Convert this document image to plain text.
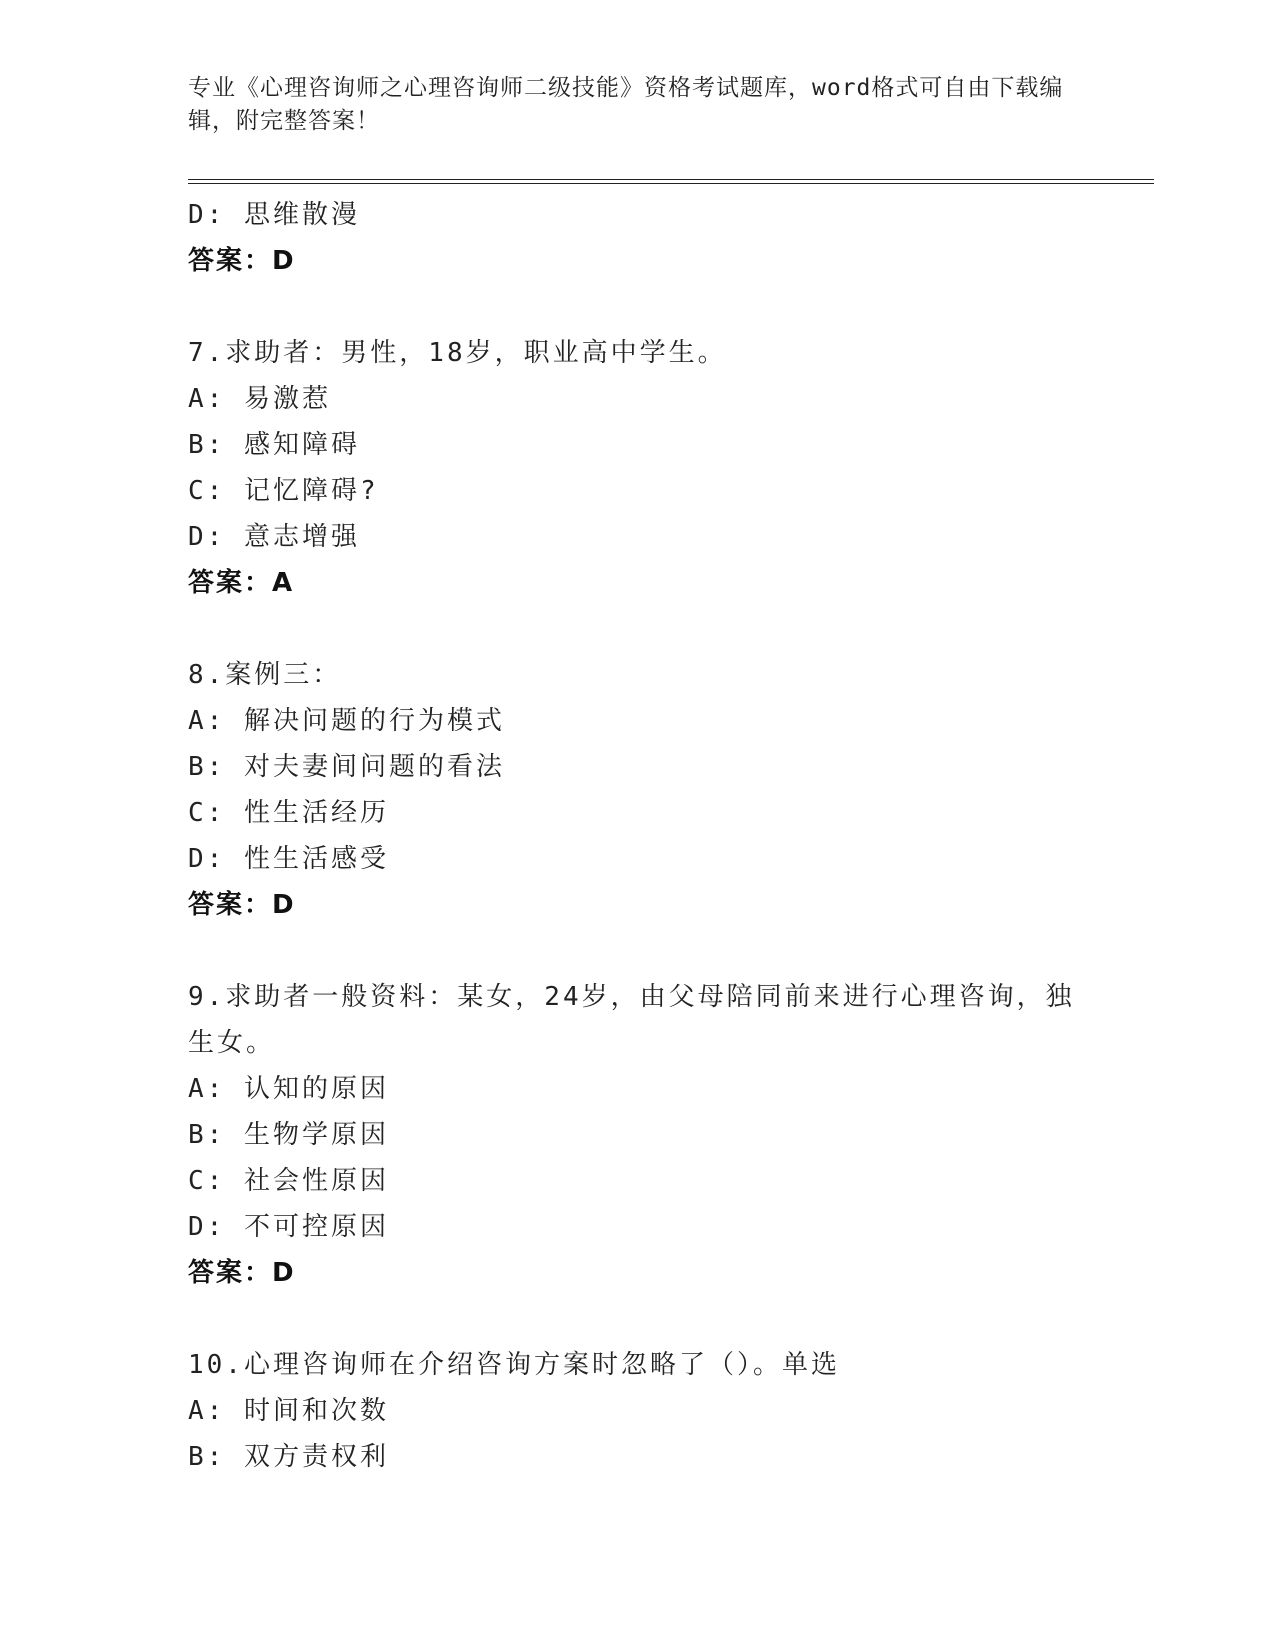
专业《心理咨询师之心理咨询师二级技能》资格考试题库，word格式可自由下载编辑，附完整答案！
D: 思维散漫
答案：D
7.求助者：男性，18岁，职业高中学生。
A: 易激惹
B: 感知障碍
C: 记忆障碍?
D: 意志增强
答案：A
8.案例三：
A: 解决问题的行为模式
B: 对夫妻间问题的看法
C: 性生活经历
D: 性生活感受
答案：D
9.求助者一般资料：某女，24岁，由父母陪同前来进行心理咨询，独生女。
A: 认知的原因
B: 生物学原因
C: 社会性原因
D: 不可控原因
答案：D
10.心理咨询师在介绍咨询方案时忽略了（）。单选
A: 时间和次数
B: 双方责权利
